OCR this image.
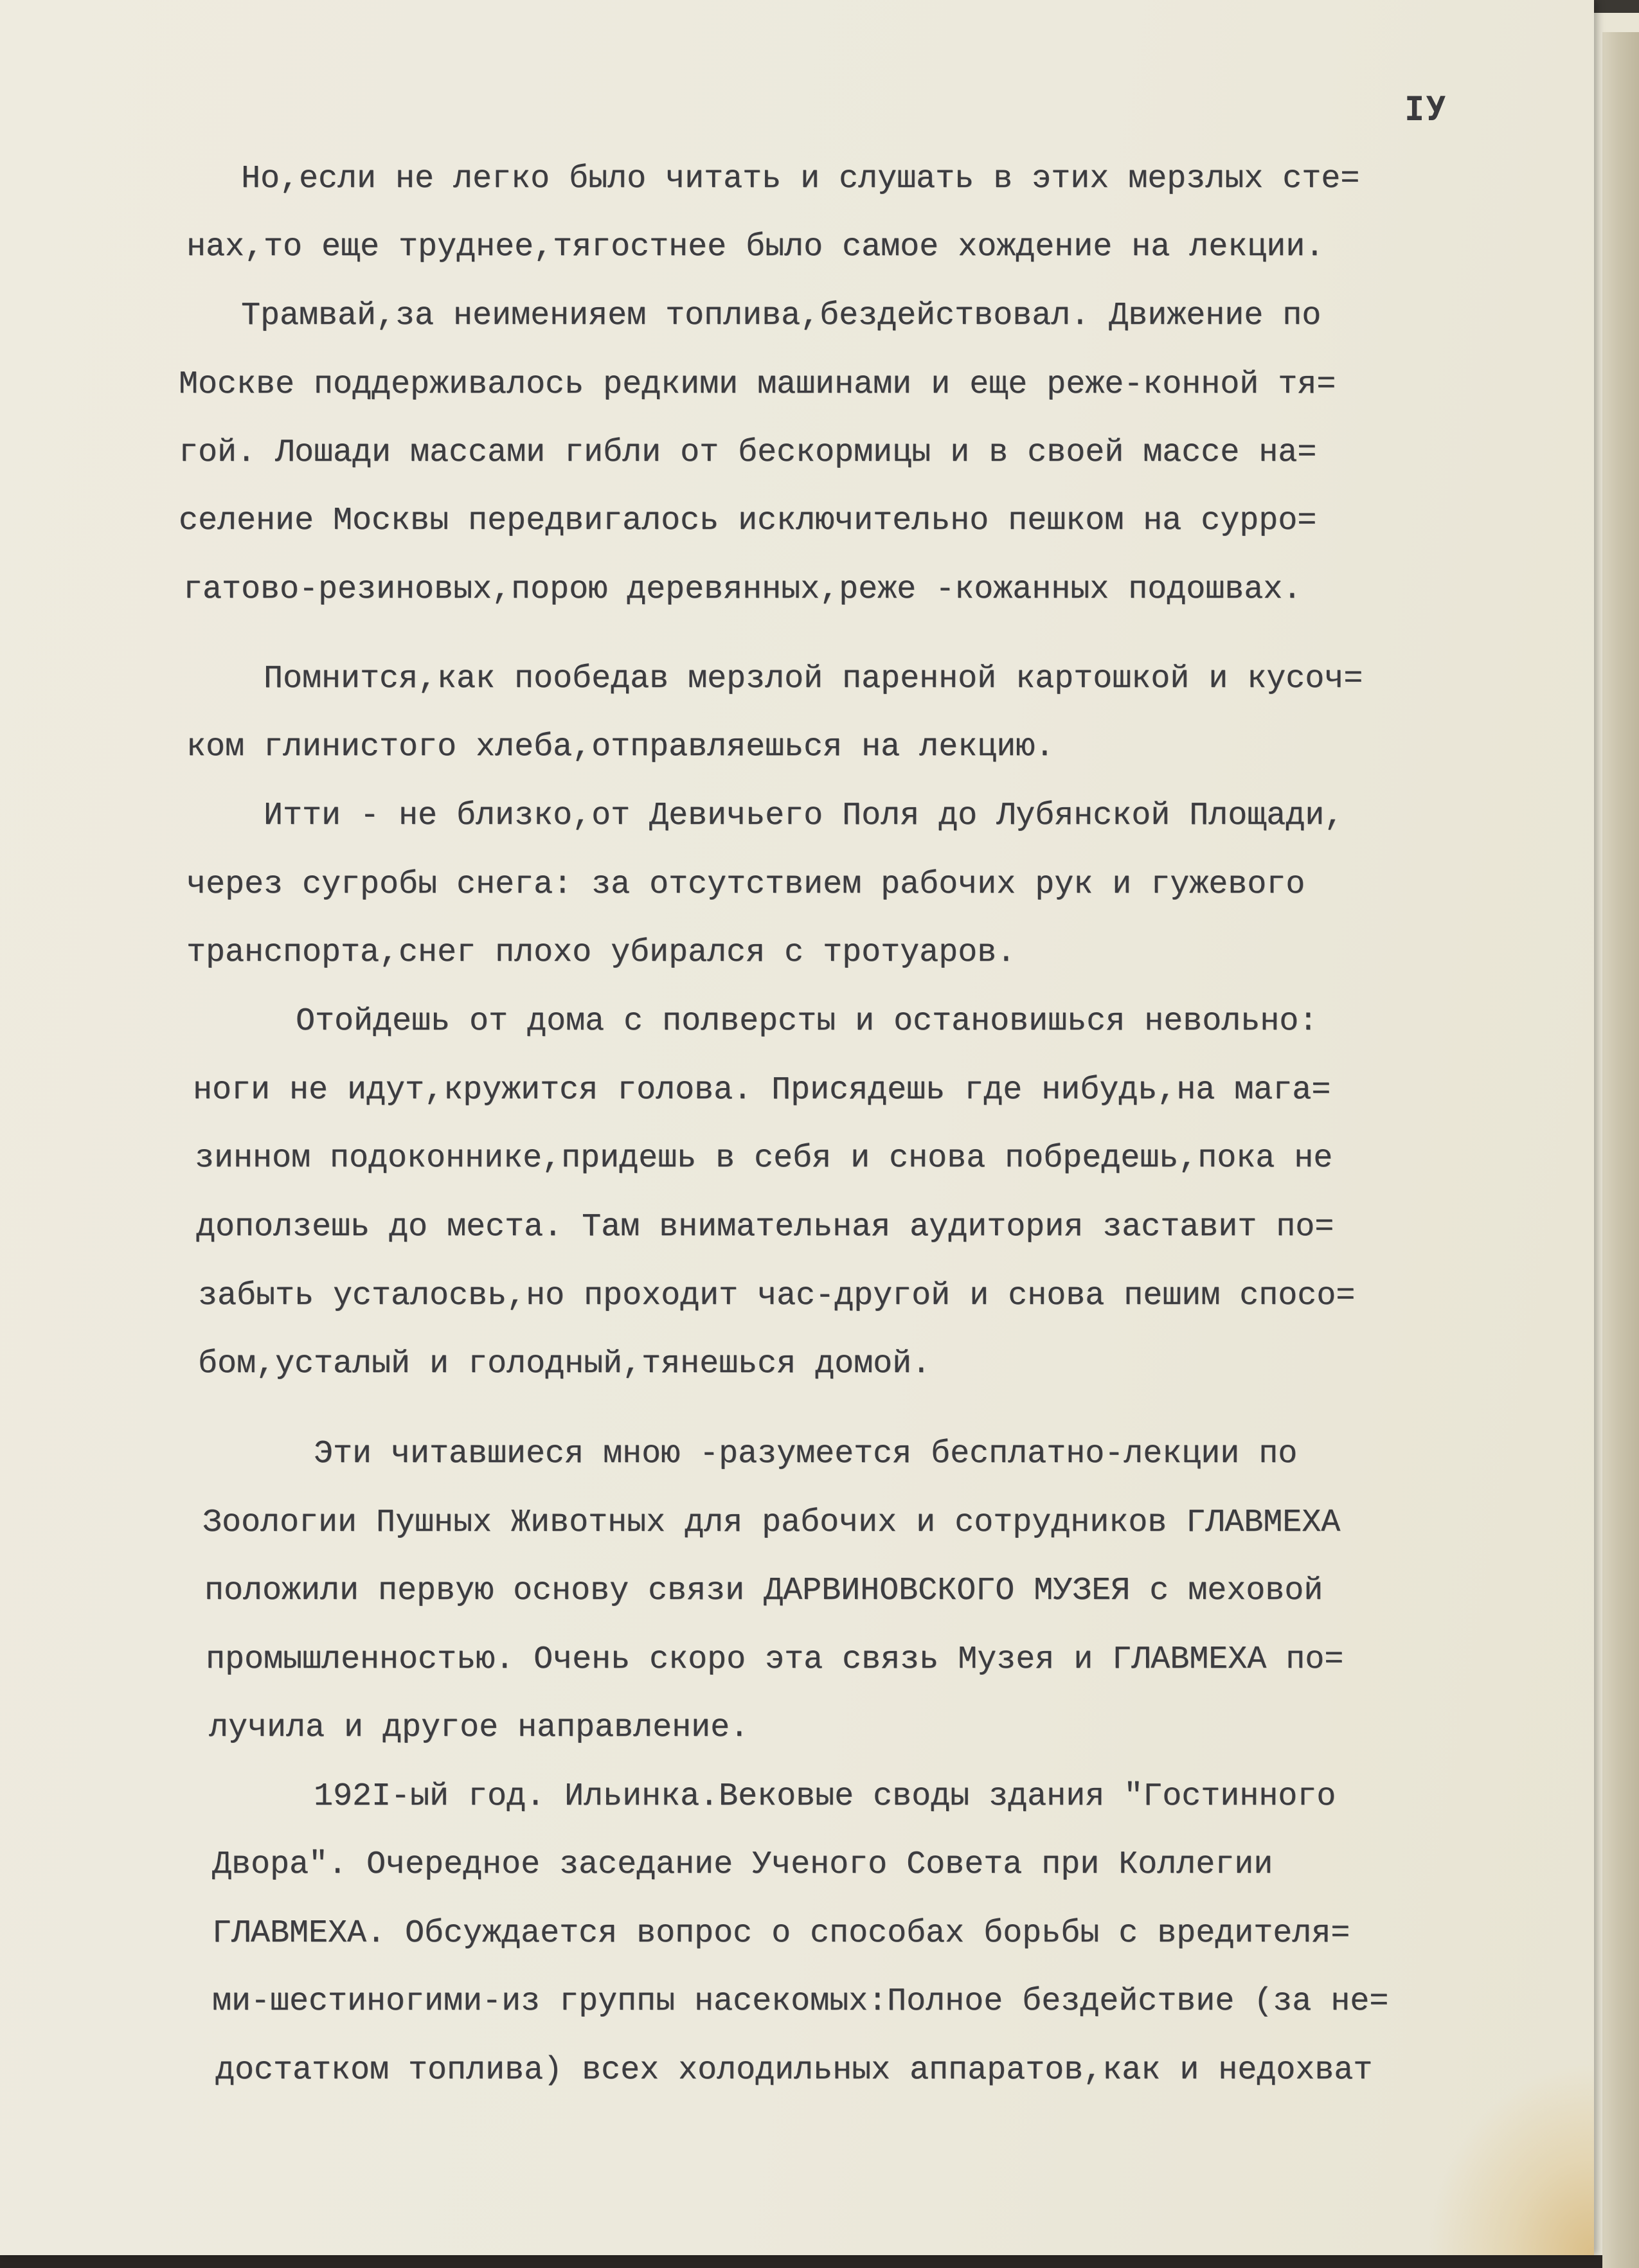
IУ

Но,если не легко было читать и слушать в этих мерзлых сте=

нах,то еще труднее,тягостнее было самое хождение на лекции.

Трамвай,за неименияем топлива,бездействовал. Движение по

Москве поддерживалось редкими машинами и еще реже-конной тя=

гой. Лошади массами гибли от бескормицы и в своей массе на=

селение Москвы передвигалось исключительно пешком на сурро=

гатово-резиновых,порою деревянных,реже -кожанных подошвах.

Помнится,как пообедав мерзлой паренной картошкой и кусоч=

ком глинистого хлеба,отправляешься на лекцию.

Итти - не близко,от Девичьего Поля до Лубянской Площади,

через сугробы снега: за отсутствием рабочих рук и гужевого

транспорта,снег плохо убирался с тротуаров.

Отойдешь от дома с полверсты и остановишься невольно:

ноги не идут,кружится голова. Присядешь где нибудь,на мага=

зинном подоконнике,придешь в себя и снова побредешь,пока не

доползешь до места. Там внимательная аудитория заставит по=

забыть усталосвь,но проходит час-другой и снова пешим спосо=

бом,усталый и голодный,тянешься домой.

Эти читавшиеся мною -разумеется бесплатно-лекции по

Зоологии Пушных Животных для рабочих и сотрудников ГЛАВМЕХА

положили первую основу связи ДАРВИНОВСКОГО МУЗЕЯ с меховой

промышленностью. Очень скоро эта связь Музея и ГЛАВМЕХА по=

лучила и другое направление.

192I-ый год. Ильинка.Вековые своды здания "Гостинного

Двора". Очередное заседание Ученого Совета при Коллегии

ГЛАВМЕХА. Обсуждается вопрос о способах борьбы с вредителя=

ми-шестиногими-из группы насекомых:Полное бездействие (за не=

достатком топлива) всех холодильных аппаратов,как и недохват
